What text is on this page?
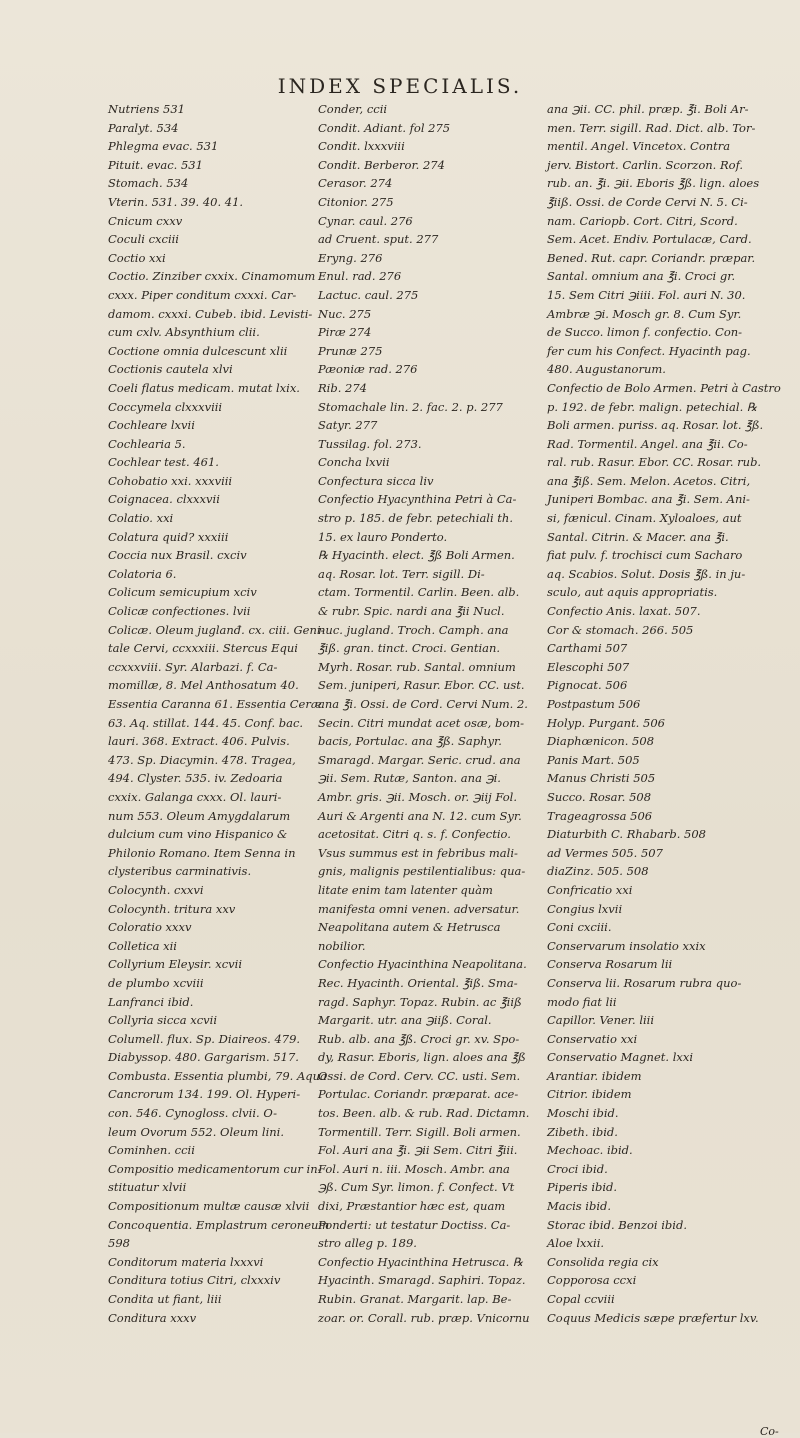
INDEX SPECIALIS.
Nutriens 531
Paralyt. 534
Phlegma evac. 531
Pituit. evac. 531
Stomach. 534
Vterin. 531. 39. 40. 41.
Cnicum cxxv
Coculi cxciii
Coctio xxi
Coctio. Zinziber cxxix. Cinamomum
cxxx. Piper conditum cxxxi. Car-
damom. cxxxi. Cubeb. ibid. Levisti-
cum cxlv. Absynthium clii.
Coctione omnia dulcescunt xlii
Coctionis cautela xlvi
Coeli flatus medicam. mutat lxix.
Coccymela clxxxviii
Cochleare lxvii
Cochlearia 5.
Cochlear test. 461.
Cohobatio xxi. xxxviii
Coignacea. clxxxvii
Colatio. xxi
Colatura quid? xxxiii
Coccia nux Brasil. cxciv
Colatoria 6.
Colicum semicupium xciv
Colicæ confectiones. lvii
Colicæ. Oleum juglanđ. cx. ciii. Geni-
tale Cervi, ccxxxiii. Stercus Equi
ccxxxviii. Syr. Alarbazi. f. Ca-
momillæ, 8. Mel Anthosatum 40.
Essentia Caranna 61. Essentia Ceræ
63. Aq. stillat. 144. 45. Conf. bac.
lauri. 368. Extract. 406. Pulvis.
473. Sp. Diacymin. 478. Tragea,
494. Clyster. 535. iv. Zedoaria
cxxix. Galanga cxxx. Ol. lauri-
num 553. Oleum Amygdalarum
dulcium cum vino Hispanico &
Philonio Romano. Item Senna in
clysteribus carminativis.
Colocynth. cxxvi
Colocynth. tritura xxv
Coloratio xxxv
Colletica xii
Collyrium Eleysir. xcvii
de plumbo xcviii
Lanfranci ibid.
Collyria sicca xcvii
Columell. flux. Sp. Diaireos. 479.
Diabyssop. 480. Gargarism. 517.
Combusta. Essentia plumbi, 79. Aqua
Cancrorum 134. 199. Ol. Hyperi-
con. 546. Cynogloss. clvii. O-
leum Ovorum 552. Oleum lini.
Cominhen. ccii
Compositio medicamentorum cur in-
stituatur xlvii
Compositionum multæ causæ xlvii
Concoquentia. Emplastrum ceroneum
598
Conditorum materia lxxxvi
Conditura totius Citri, clxxxiv
Condita ut fiant, liii
Conditura xxxv
Conder, ccii
Condit. Adiant. fol 275
Condit. lxxxviii
Condit. Berberor. 274
Cerasor. 274
Citonior. 275
Cynar. caul. 276
ad Cruent. sput. 277
Eryng. 276
Enul. rad. 276
Lactuc. caul. 275
Nuc. 275
Piræ 274
Prunæ 275
Pæoniæ rad. 276
Rib. 274
Stomachale lin. 2. fac. 2. p. 277
Satyr. 277
Tussilag. fol. 273.
Concha lxvii
Confectura sicca liv
Confectio Hyacynthina Petri à Ca-
stro p. 185. de febr. petechiali th.
15. ex lauro Ponderto.
℞ Hyacinth. elect. ℥ß Boli Armen.
aq. Rosar. lot. Terr. sigill. Di-
ctam. Tormentil. Carlin. Been. alb.
& rubr. Spic. nardi ana ℥ii Nucl.
nuc. jugland. Troch. Camph. ana
℥iß. gran. tinct. Croci. Gentian.
Myrh. Rosar. rub. Santal. omnium
Sem. juniperi, Rasur. Ebor. CC. ust.
ana ℥i. Ossi. de Cord. Cervi Num. 2.
Secin. Citri mundat acet osæ, bom-
bacis, Portulac. ana ℥ß. Saphyr.
Smaragd. Margar. Seric. crud. ana
℈ii. Sem. Rutæ, Santon. ana ℈i.
Ambr. gris. ℈ii. Mosch. or. ℈iij Fol.
Auri & Argenti ana N. 12. cum Syr.
acetositat. Citri q. s. f. Confectio.
Vsus summus est in febribus mali-
gnis, malignis pestilentialibus: qua-
litate enim tam latenter quàm
manifesta omni venen. adversatur.
Neapolitana autem & Hetrusca
nobilior.
Confectio Hyacinthina Neapolitana.
Rec. Hyacinth. Oriental. ℥iß. Sma-
ragd. Saphyr. Topaz. Rubin. ac ℥iiß
Margarit. utr. ana ℈iiß. Coral.
Rub. alb. ana ℥ß. Croci gr. xv. Spo-
dy, Rasur. Eboris, lign. aloes ana ℥ß
Ossi. de Cord. Cerv. CC. usti. Sem.
Portulac. Coriandr. præparat. ace-
tos. Been. alb. & rub. Rad. Dictamn.
Tormentill. Terr. Sigill. Boli armen.
Fol. Auri ana ℥i. ℈ii Sem. Citri ℥iii.
Fol. Auri n. iii. Mosch. Ambr. ana
℈ß. Cum Syr. limon. f. Confect. Vt
dixi, Præstantior hæc est, quam
Ponderti: ut testatur Doctiss. Ca-
stro alleg p. 189.
Confectio Hyacinthina Hetrusca. ℞
Hyacinth. Smaragd. Saphiri. Topaz.
Rubin. Granat. Margarit. lap. Be-
zoar. or. Corall. rub. præp. Vnicornu
ana ℈ii. CC. phil. præp. ℥i. Boli Ar-
men. Terr. sigill. Rad. Dict. alb. Tor-
mentil. Angel. Vincetox. Contra
jerv. Bistort. Carlin. Scorzon. Rof.
rub. an. ℥i. ℈ii. Eboris ℥ß. lign. aloes
℥iiß. Ossi. de Corde Cervi N. 5. Ci-
nam. Cariopb. Cort. Citri, Scord.
Sem. Acet. Endiv. Portulacæ, Card.
Bened. Rut. capr. Coriandr. præpar.
Santal. omnium ana ℥i. Croci gr.
15. Sem Citri ℈iiii. Fol. auri N. 30.
Ambræ ℈i. Mosch gr. 8. Cum Syr.
de Succo. limon f. confectio. Con-
fer cum his Confect. Hyacinth pag.
480. Augustanorum.
Confectio de Bolo Armen. Petri à Castro
p. 192. de febr. malign. petechial. ℞
Boli armen. puriss. aq. Rosar. lot. ℥ß.
Rad. Tormentil. Angel. ana ℥ii. Co-
ral. rub. Rasur. Ebor. CC. Rosar. rub.
ana ℥iß. Sem. Melon. Acetos. Citri,
Juniperi Bombac. ana ℥i. Sem. Ani-
si, fænicul. Cinam. Xyloaloes, aut
Santal. Citrin. & Macer. ana ℥i.
fiat pulv. f. trochisci cum Sacharo
aq. Scabios. Solut. Dosis ℥ß. in ju-
sculo, aut aquis appropriatis.
Confectio Anis. laxat. 507.
Cor & stomach. 266. 505
Carthami 507
Elescophi 507
Pignocat. 506
Postpastum 506
Holyp. Purgant. 506
Diaphœnicon. 508
Panis Mart. 505
Manus Christi 505
Succo. Rosar. 508
Trageagrossa 506
Diaturbith C. Rhabarb. 508
ad Vermes 505. 507
diaZinz. 505. 508
Confricatio xxi
Congius lxvii
Coni cxciii.
Conservarum insolatio xxix
Conserva Rosarum lii
Conserva lii. Rosarum rubra quo-
modo fiat lii
Capillor. Vener. liii
Conservatio xxi
Conservatio Magnet. lxxi
Arantiar. ibidem
Citrior. ibidem
Moschi ibid.
Zibeth. ibid.
Mechoac. ibid.
Croci ibid.
Piperis ibid.
Macis ibid.
Storac ibid. Benzoi ibid.
Aloe lxxii.
Consolida regia cix
Copporosa ccxi
Copal ccviii
Coquus Medicis sæpe præfertur lxv.
Co-
